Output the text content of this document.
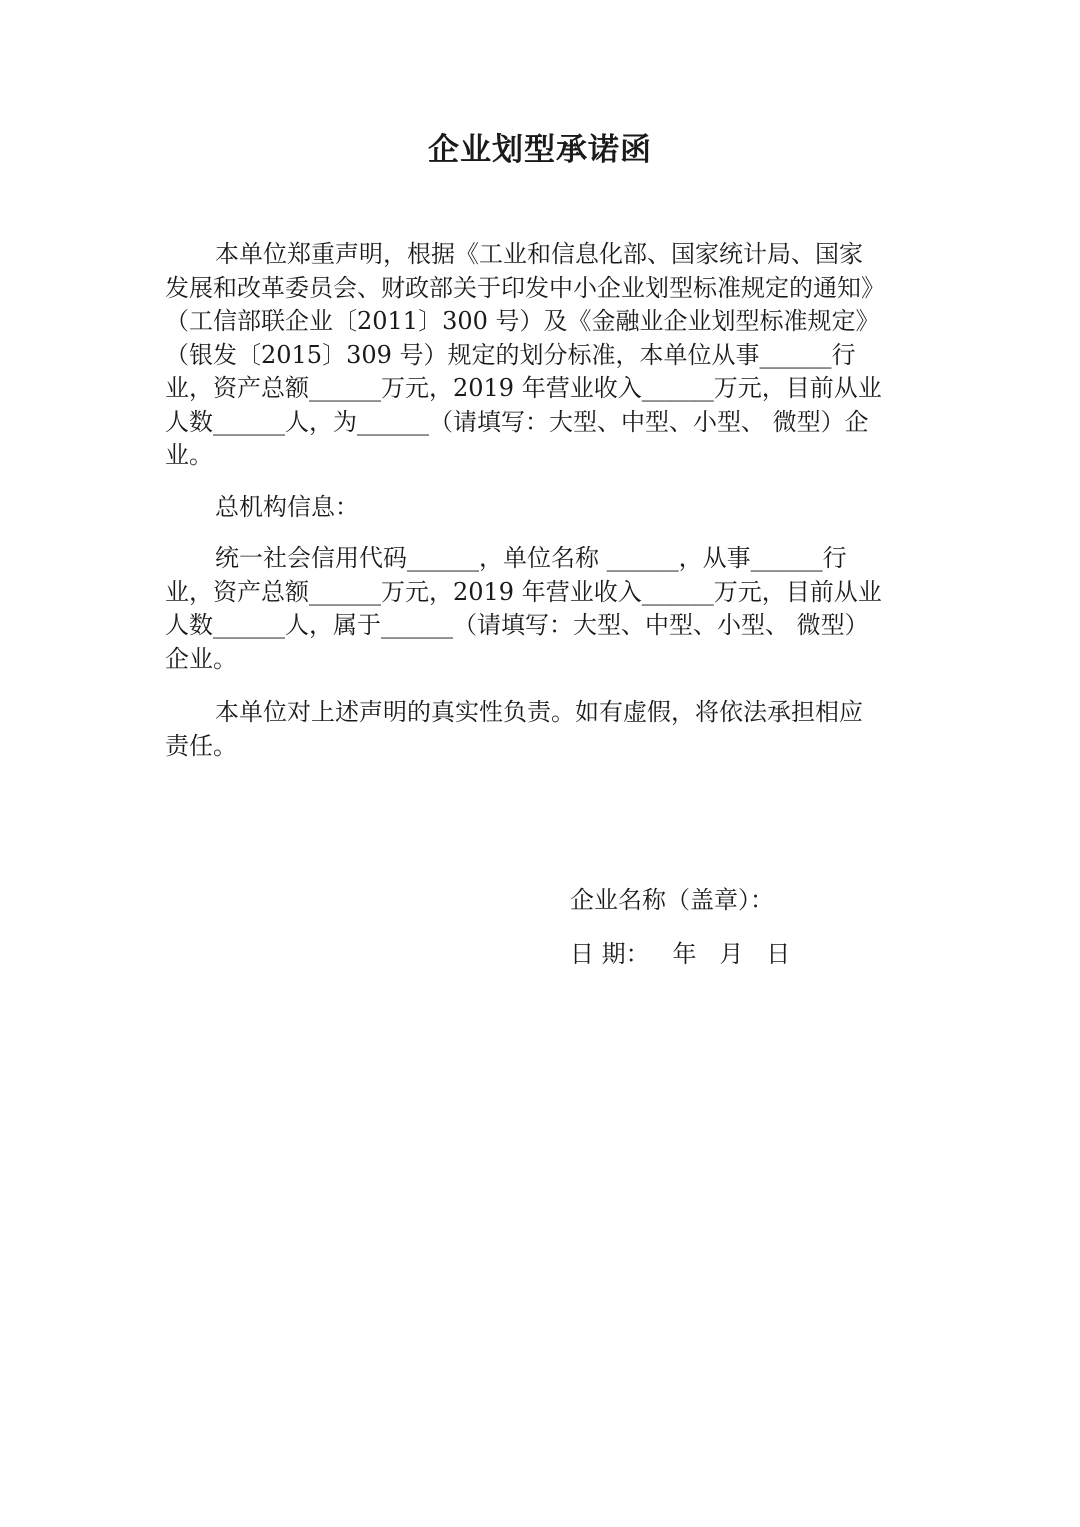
企业划型承诺函
本单位郑重声明，根据《工业和信息化部、国家统计局、国家
发展和改革委员会、财政部关于印发中小企业划型标准规定的通知》
（工信部联企业〔2011〕300 号）及《金融业企业划型标准规定》
（银发〔2015〕309 号）规定的划分标准，本单位从事______行
业，资产总额______万元，2019 年营业收入______万元，目前从业
人数______人，为______（请填写：大型、中型、小型、 微型）企
业。
总机构信息：
统一社会信用代码______，单位名称 ______，从事______行
业，资产总额______万元，2019 年营业收入______万元，目前从业
人数______人，属于______（请填写：大型、中型、小型、 微型）
企业。
本单位对上述声明的真实性负责。如有虚假，将依法承担相应
责任。
企业名称（盖章）：
日 期：   年   月   日
